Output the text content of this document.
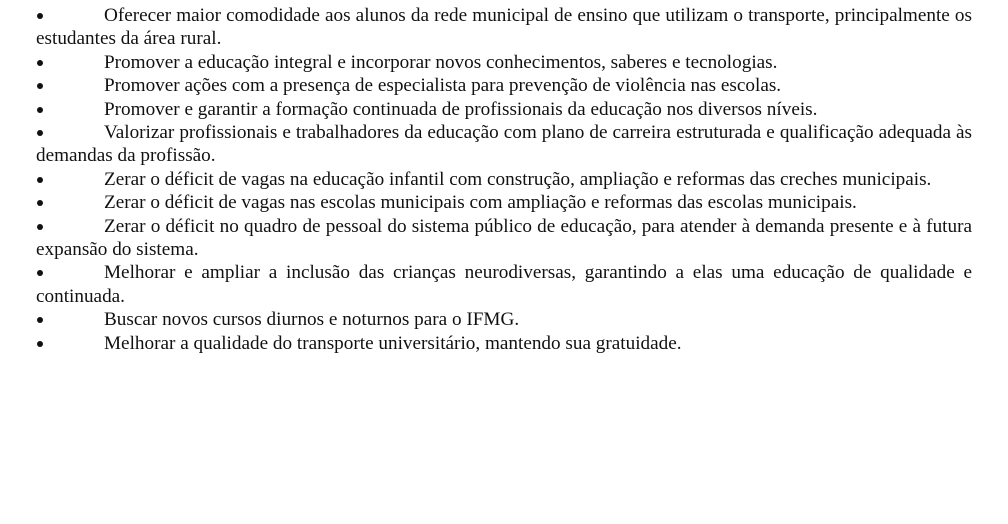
Oferecer maior comodidade aos alunos da rede municipal de ensino que utilizam o transporte, principalmente os estudantes da área rural.
Promover a educação integral e incorporar novos conhecimentos, saberes e tecnologias.
Promover ações com a presença de especialista para prevenção de violência nas escolas.
Promover e garantir a formação continuada de profissionais da educação nos diversos níveis.
Valorizar profissionais e trabalhadores da educação com plano de carreira estruturada e qualificação adequada às demandas da profissão.
Zerar o déficit de vagas na educação infantil com construção, ampliação e reformas das creches municipais.
Zerar o déficit de vagas nas escolas municipais com ampliação e reformas das escolas municipais.
Zerar o déficit no quadro de pessoal do sistema público de educação, para atender à demanda presente e à futura expansão do sistema.
Melhorar e ampliar a inclusão das crianças neurodiversas, garantindo a elas uma educação de qualidade e continuada.
Buscar novos cursos diurnos e noturnos para o IFMG.
Melhorar a qualidade do transporte universitário, mantendo sua gratuidade.
